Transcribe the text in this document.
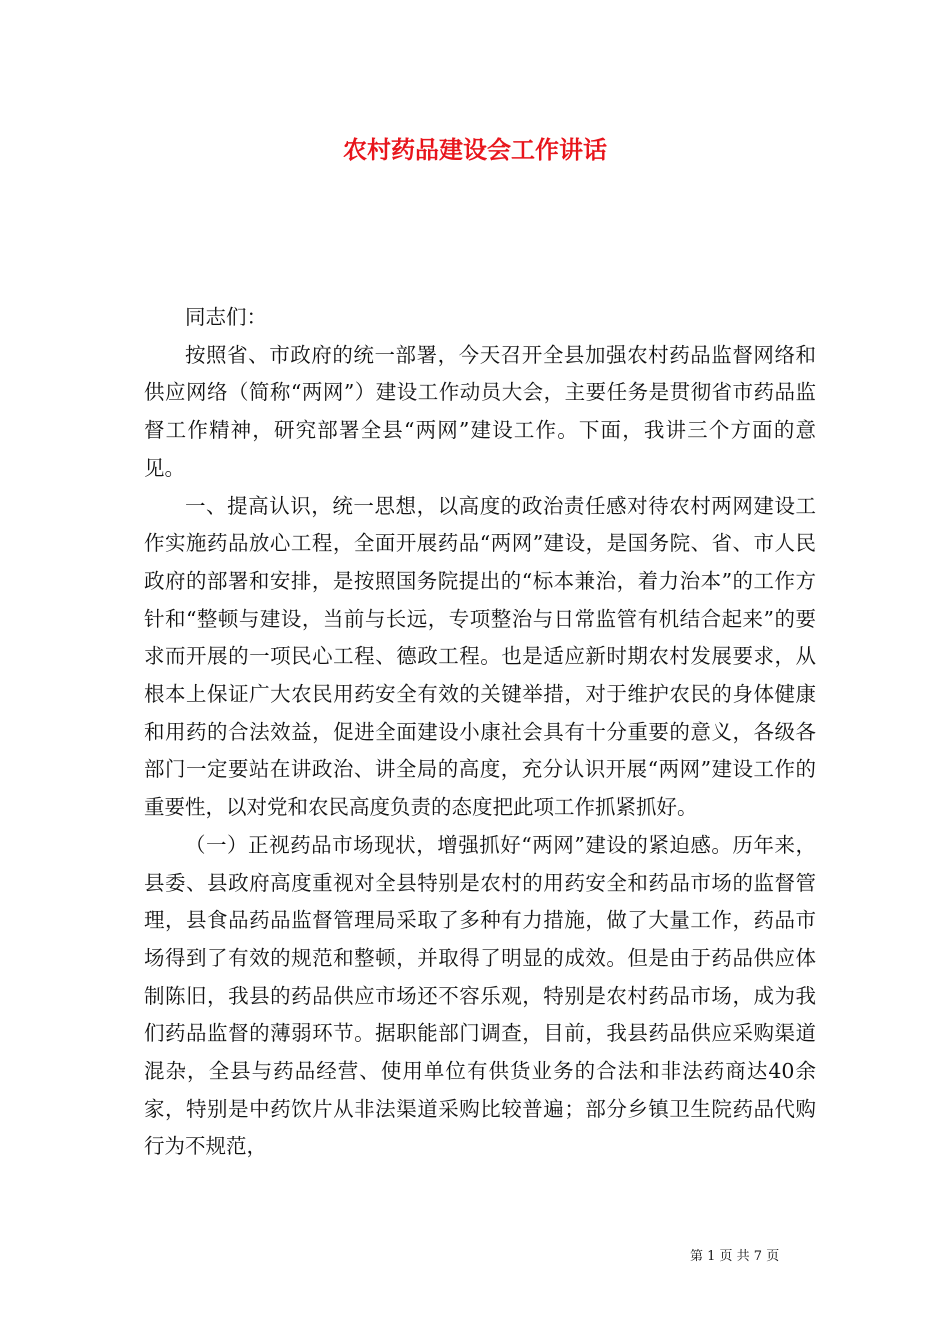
农村药品建设会工作讲话

同志们：

按照省、市政府的统一部署，今天召开全县加强农村药品监督网络和供应网络（简称“两网”）建设工作动员大会，主要任务是贯彻省市药品监督工作精神，研究部署全县“两网”建设工作。下面，我讲三个方面的意见。

一、提高认识，统一思想，以高度的政治责任感对待农村两网建设工作实施药品放心工程，全面开展药品“两网”建设，是国务院、省、市人民政府的部署和安排，是按照国务院提出的“标本兼治，着力治本”的工作方针和“整顿与建设，当前与长远，专项整治与日常监管有机结合起来”的要求而开展的一项民心工程、德政工程。也是适应新时期农村发展要求，从根本上保证广大农民用药安全有效的关键举措，对于维护农民的身体健康和用药的合法效益，促进全面建设小康社会具有十分重要的意义，各级各部门一定要站在讲政治、讲全局的高度，充分认识开展“两网”建设工作的重要性，以对党和农民高度负责的态度把此项工作抓紧抓好。

（一）正视药品市场现状，增强抓好“两网”建设的紧迫感。历年来，县委、县政府高度重视对全县特别是农村的用药安全和药品市场的监督管理，县食品药品监督管理局采取了多种有力措施，做了大量工作，药品市场得到了有效的规范和整顿，并取得了明显的成效。但是由于药品供应体制陈旧，我县的药品供应市场还不容乐观，特别是农村药品市场，成为我们药品监督的薄弱环节。据职能部门调查，目前，我县药品供应采购渠道混杂，全县与药品经营、使用单位有供货业务的合法和非法药商达40余家，特别是中药饮片从非法渠道采购比较普遍；部分乡镇卫生院药品代购行为不规范，

第 1 页 共 7 页
